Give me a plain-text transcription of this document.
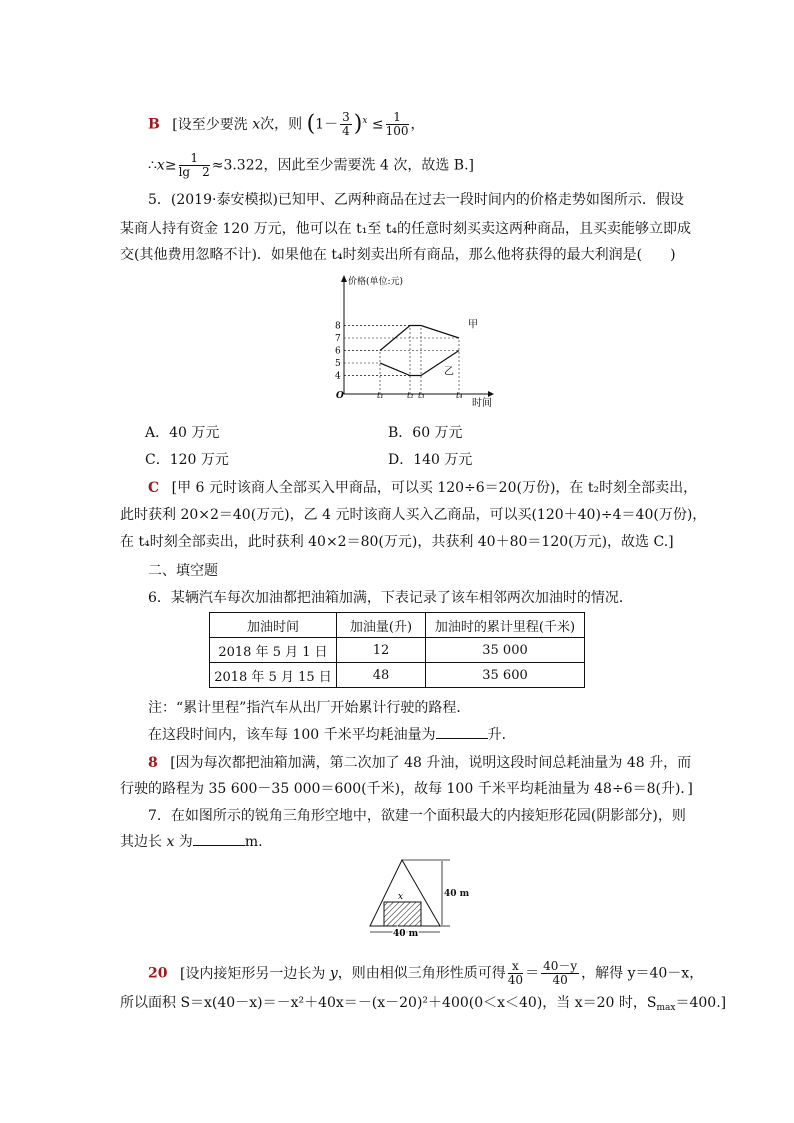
B [设至少要洗 x次，则 $(1- \frac{3}{4} )^x \le \frac{1}{100}$ ，
∴x≥ $\frac{1}{\lg 2} \approx 3.322$，因此至少需要洗 4 次，故选 B.]
5．(2019·泰安模拟)已知甲、乙两种商品在过去一段时间内的价格走势如图所示．假设
某商人持有资金 120 万元，他可以在 t₁至 t₄的任意时刻买卖这两种商品，且买卖能够立即成
交(其他费用忽略不计)．如果他在 t₄时刻卖出所有商品，那么他将获得的最大利润是(　　)
价格(单位:元)
时间
O
4
5
6
7
8
t₁	t₂ t₃	t₄
甲
乙
A．40 万元	B．60 万元
C．120 万元	D．140 万元
C [甲 6 元时该商人全部买入甲商品，可以买 120÷6＝20(万份)，在 t₂时刻全部卖出，
此时获利 20×2＝40(万元)，乙 4 元时该商人买入乙商品，可以买(120＋40)÷4＝40(万份)，
在 t₄时刻全部卖出，此时获利 40×2＝80(万元)，共获利 40＋80＝120(万元)，故选 C.]
二、填空题
6．某辆汽车每次加油都把油箱加满，下表记录了该车相邻两次加油时的情况．
加油时间	加油量(升)	加油时的累计里程(千米)
2018 年 5 月 1 日	12	35 000
2018 年 5 月 15 日	48	35 600
注：“累计里程”指汽车从出厂开始累计行驶的路程．
在这段时间内，该车每 100 千米平均耗油量为	升．
8 [因为每次都把油箱加满，第二次加了 48 升油，说明这段时间总耗油量为 48 升，而
行驶的路程为 35 600－35 000＝600(千米)，故每 100 千米平均耗油量为 48÷6＝8(升)．]
7．在如图所示的锐角三角形空地中，欲建一个面积最大的内接矩形花园(阴影部分)，则
其边长 x 为	m.
x	40 m
40 m
20 [设内接矩形另一边长为 y，则由相似三角形性质可得 $\frac{x}{40} = \frac{40-y}{40}$ ，解得 y＝40－x，
所以面积 S＝x(40－x)＝－x²＋40x＝－(x－20)²＋400(0＜x＜40)，当 x＝20 时，$S_{max}=400$.]
